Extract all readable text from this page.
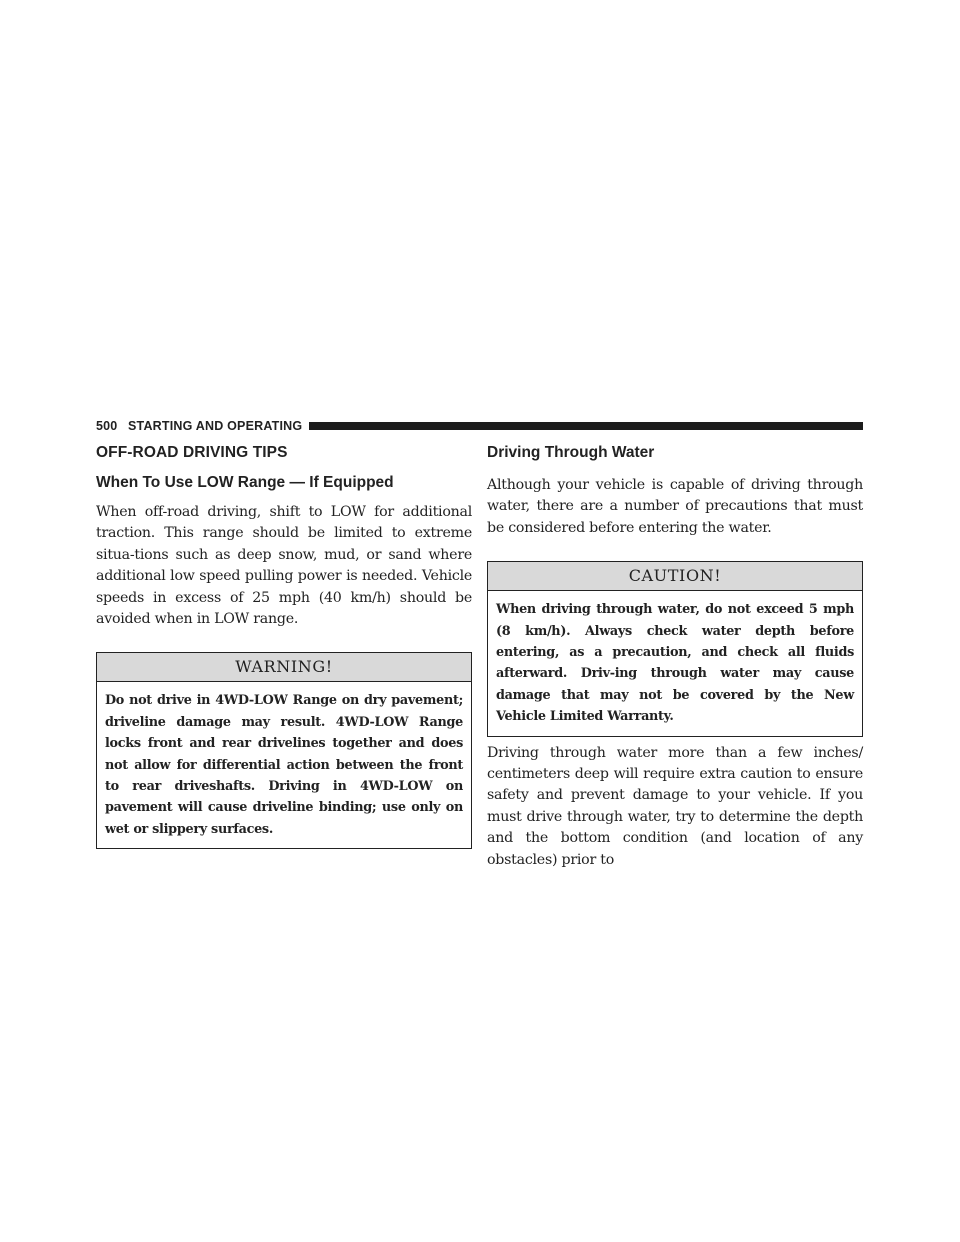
500 STARTING AND OPERATING
OFF-ROAD DRIVING TIPS
When To Use LOW Range — If Equipped

When off-road driving, shift to LOW for additional traction. This range should be limited to extreme situa-tions such as deep snow, mud, or sand where additional low speed pulling power is needed. Vehicle speeds in excess of 25 mph (40 km/h) should be avoided when in LOW range.

WARNING!
Do not drive in 4WD-LOW Range on dry pavement; driveline damage may result. 4WD-LOW Range locks front and rear drivelines together and does not allow for differential action between the front to rear driveshafts. Driving in 4WD-LOW on pavement will cause driveline binding; use only on wet or slippery surfaces.
Driving Through Water

Although your vehicle is capable of driving through water, there are a number of precautions that must be considered before entering the water.

CAUTION!
When driving through water, do not exceed 5 mph (8 km/h). Always check water depth before entering, as a precaution, and check all fluids afterward. Driv-ing through water may cause damage that may not be covered by the New Vehicle Limited Warranty.

Driving through water more than a few inches/ centimeters deep will require extra caution to ensure safety and prevent damage to your vehicle. If you must drive through water, try to determine the depth and the bottom condition (and location of any obstacles) prior to
